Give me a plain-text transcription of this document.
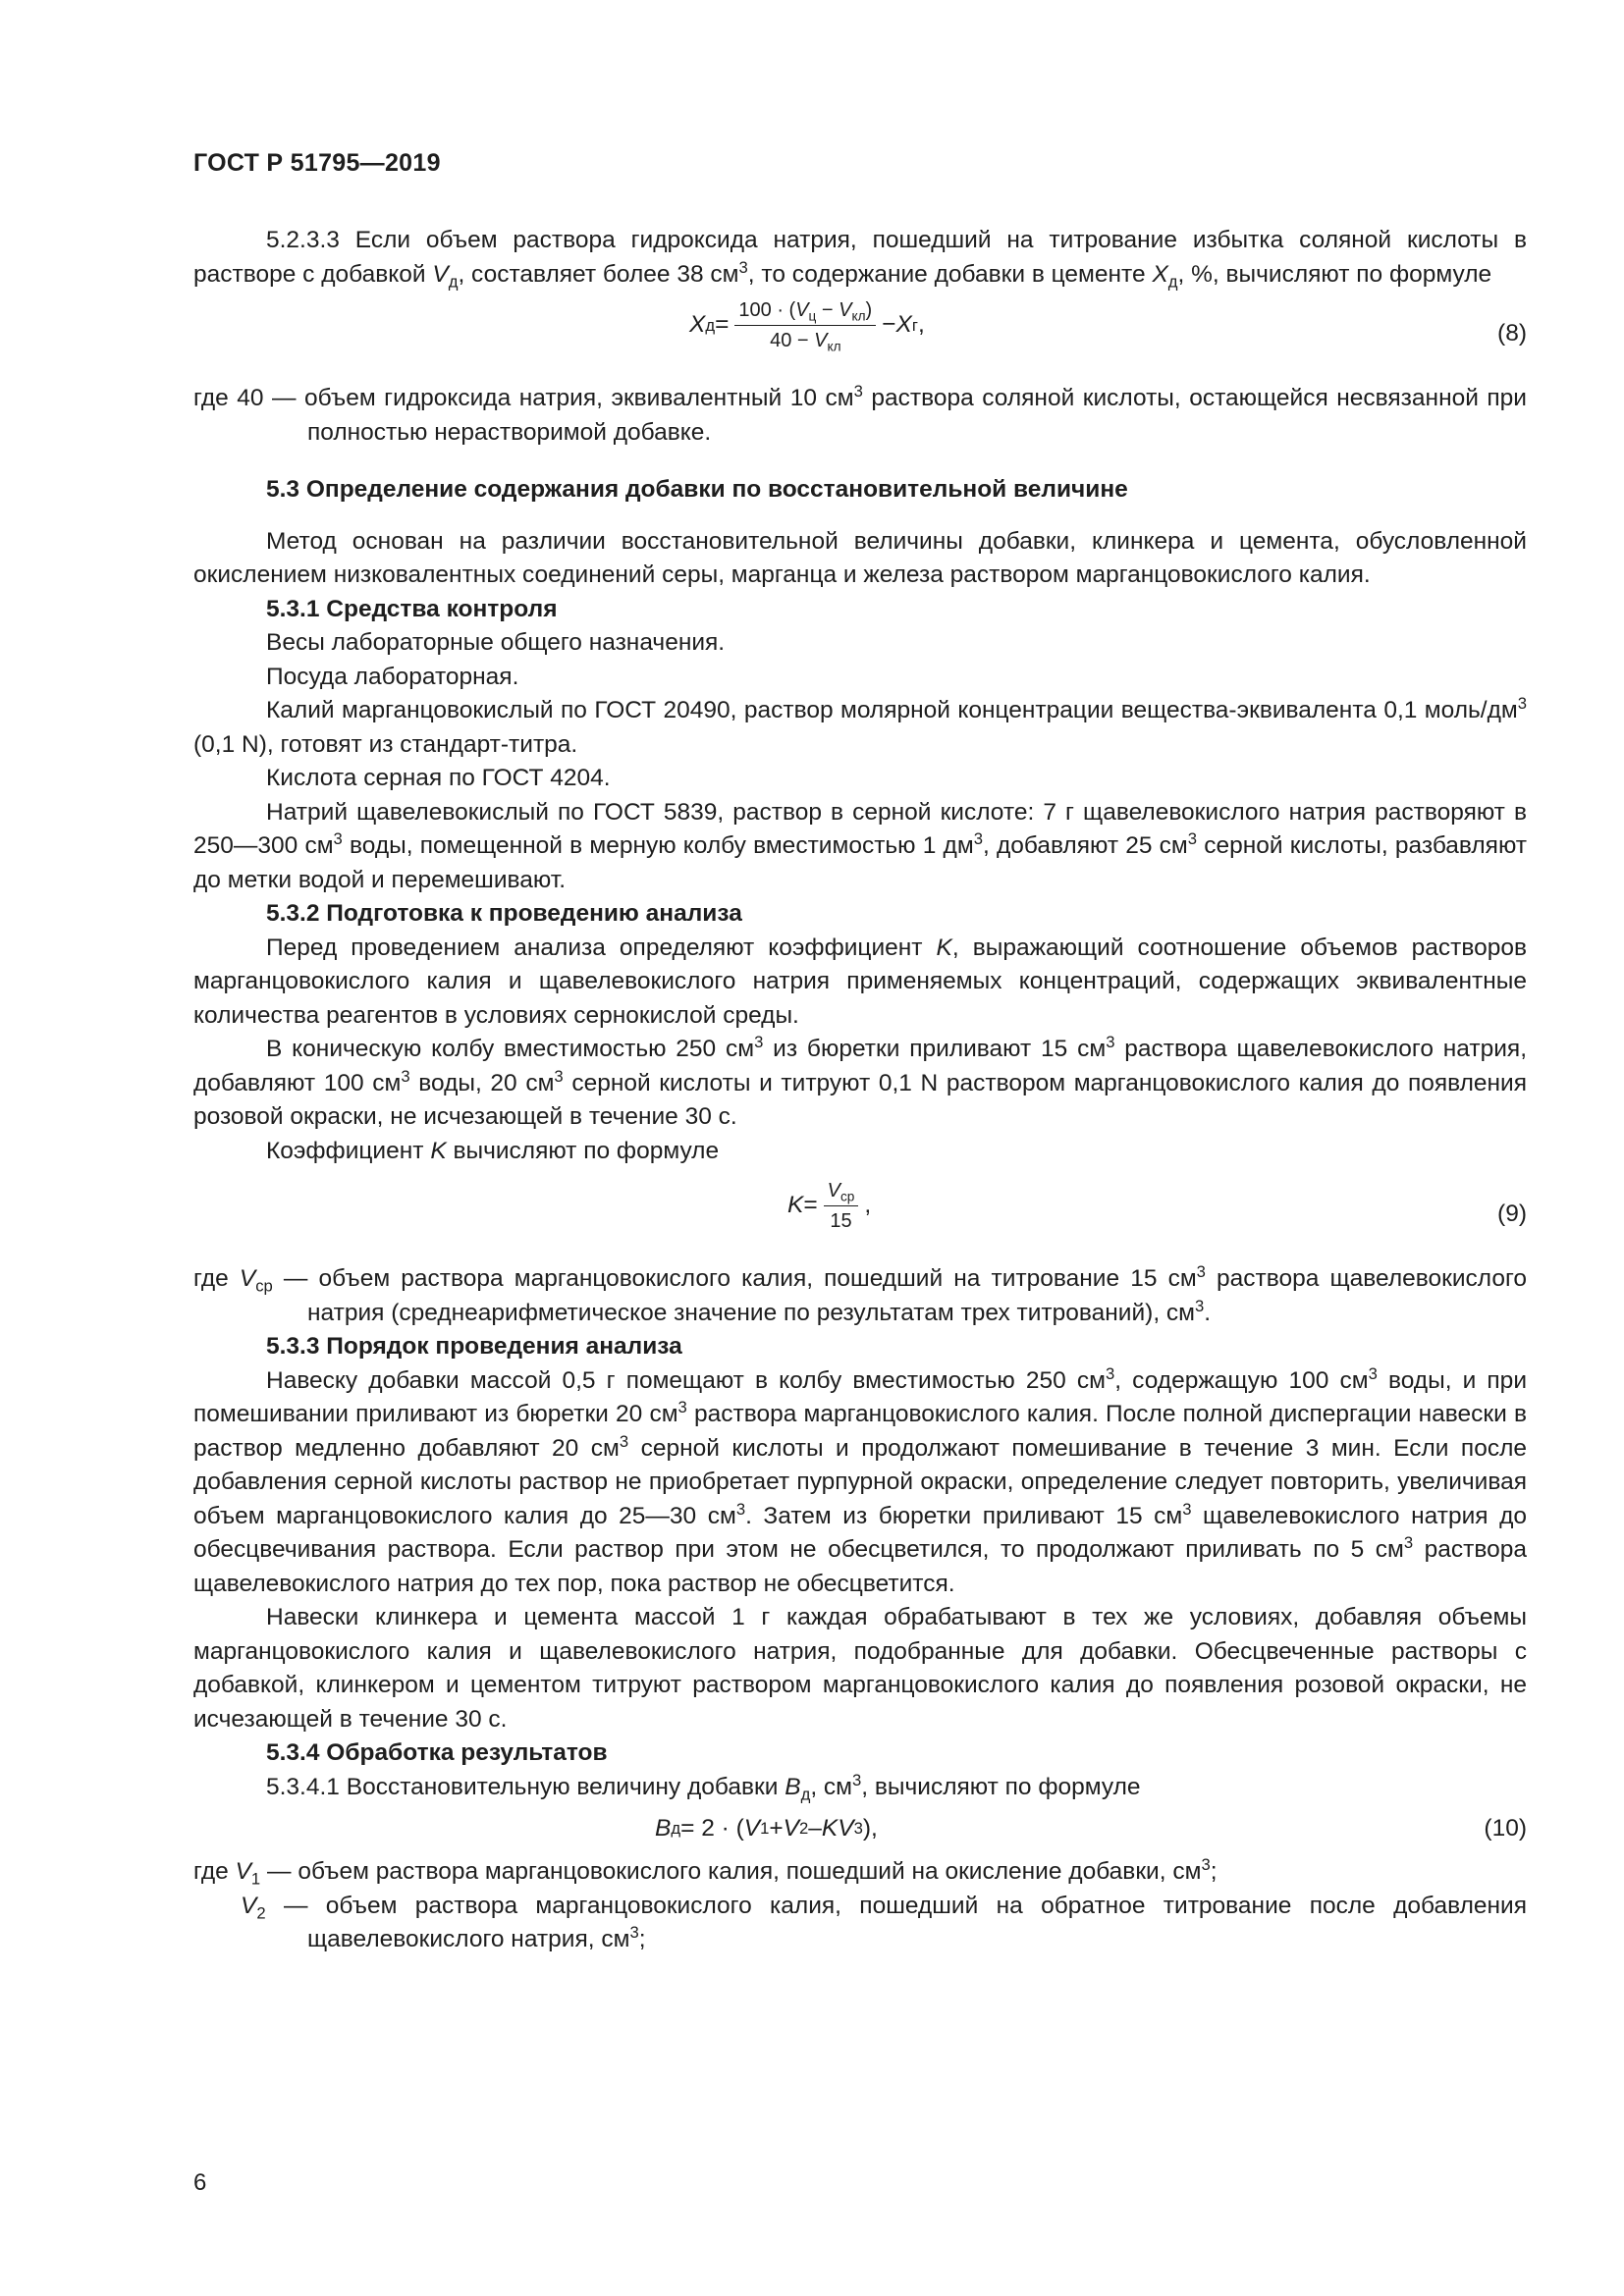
ГОСТ Р 51795—2019

5.2.3.3 Если объем раствора гидроксида натрия, пошедший на титрование избытка соляной кислоты в растворе с добавкой $V_д$, составляет более 38 $см^3$, то содержание добавки в цементе $X_д$, %, вычисляют по формуле

X $д = \frac{100 \cdot (V_ц - V_{кл})}{40 - V_{кл}} - X$ г ,	(8)

где 40 — объем гидроксида натрия, эквивалентный 10 $см^3$ раствора соляной кислоты, остающейся несвязанной при полностью нерастворимой добавке.

5.3 Определение содержания добавки по восстановительной величине

Метод основан на различии восстановительной величины добавки, клинкера и цемента, обусловленной окислением низковалентных соединений серы, марганца и железа раствором марганцовокислого калия.

5.3.1 Средства контроля

Весы лабораторные общего назначения.

Посуда лабораторная.

Калий марганцовокислый по ГОСТ 20490, раствор молярной концентрации вещества-эквивалента 0,1 моль/$дм^3$ (0,1 N), готовят из стандарт-титра.

Кислота серная по ГОСТ 4204.

Натрий щавелевокислый по ГОСТ 5839, раствор в серной кислоте: 7 г щавелевокислого натрия растворяют в 250—300 $см^3$ воды, помещенной в мерную колбу вместимостью 1 $дм^3$, добавляют 25 $см^3$ серной кислоты, разбавляют до метки водой и перемешивают.

5.3.2 Подготовка к проведению анализа

Перед проведением анализа определяют коэффициент K, выражающий соотношение объемов растворов марганцовокислого калия и щавелевокислого натрия применяемых концентраций, содержащих эквивалентные количества реагентов в условиях сернокислой среды.

В коническую колбу вместимостью 250 $см^3$ из бюретки приливают 15 $см^3$ раствора щавелевокислого натрия, добавляют 100 $см^3$ воды, 20 $см^3$ серной кислоты и титруют 0,1 N раствором марганцовокислого калия до появления розовой окраски, не исчезающей в течение 30 с.

Коэффициент K вычисляют по формуле

$K = \frac{V_{ср}}{15}$ ,	(9)

где $V_{ср}$ — объем раствора марганцовокислого калия, пошедший на титрование 15 $см^3$ раствора щавелевокислого натрия (среднеарифметическое значение по результатам трех титрований), $см^3$.

5.3.3 Порядок проведения анализа

Навеску добавки массой 0,5 г помещают в колбу вместимостью 250 $см^3$, содержащую 100 $см^3$ воды, и при помешивании приливают из бюретки 20 $см^3$ раствора марганцовокислого калия. После полной диспергации навески в раствор медленно добавляют 20 $см^3$ серной кислоты и продолжают помешивание в течение 3 мин. Если после добавления серной кислоты раствор не приобретает пурпурной окраски, определение следует повторить, увеличивая объем марганцовокислого калия до 25—30 $см^3$. Затем из бюретки приливают 15 $см^3$ щавелевокислого натрия до обесцвечивания раствора. Если раствор при этом не обесцветился, то продолжают приливать по 5 $см^3$ раствора щавелевокислого натрия до тех пор, пока раствор не обесцветится.

Навески клинкера и цемента массой 1 г каждая обрабатывают в тех же условиях, добавляя объемы марганцовокислого калия и щавелевокислого натрия, подобранные для добавки. Обесцвеченные растворы с добавкой, клинкером и цементом титруют раствором марганцовокислого калия до появления розовой окраски, не исчезающей в течение 30 с.

5.3.4 Обработка результатов

5.3.4.1 Восстановительную величину добавки $B_д$, $см^3$, вычисляют по формуле

B д = 2 · ( V 1 + V 2 – KV 3 ),	(10)

где $V_1$ — объем раствора марганцовокислого калия, пошедший на окисление добавки, $см^3$;

$V_2$ — объем раствора марганцовокислого калия, пошедший на обратное титрование после добавления щавелевокислого натрия, $см^3$;

6
